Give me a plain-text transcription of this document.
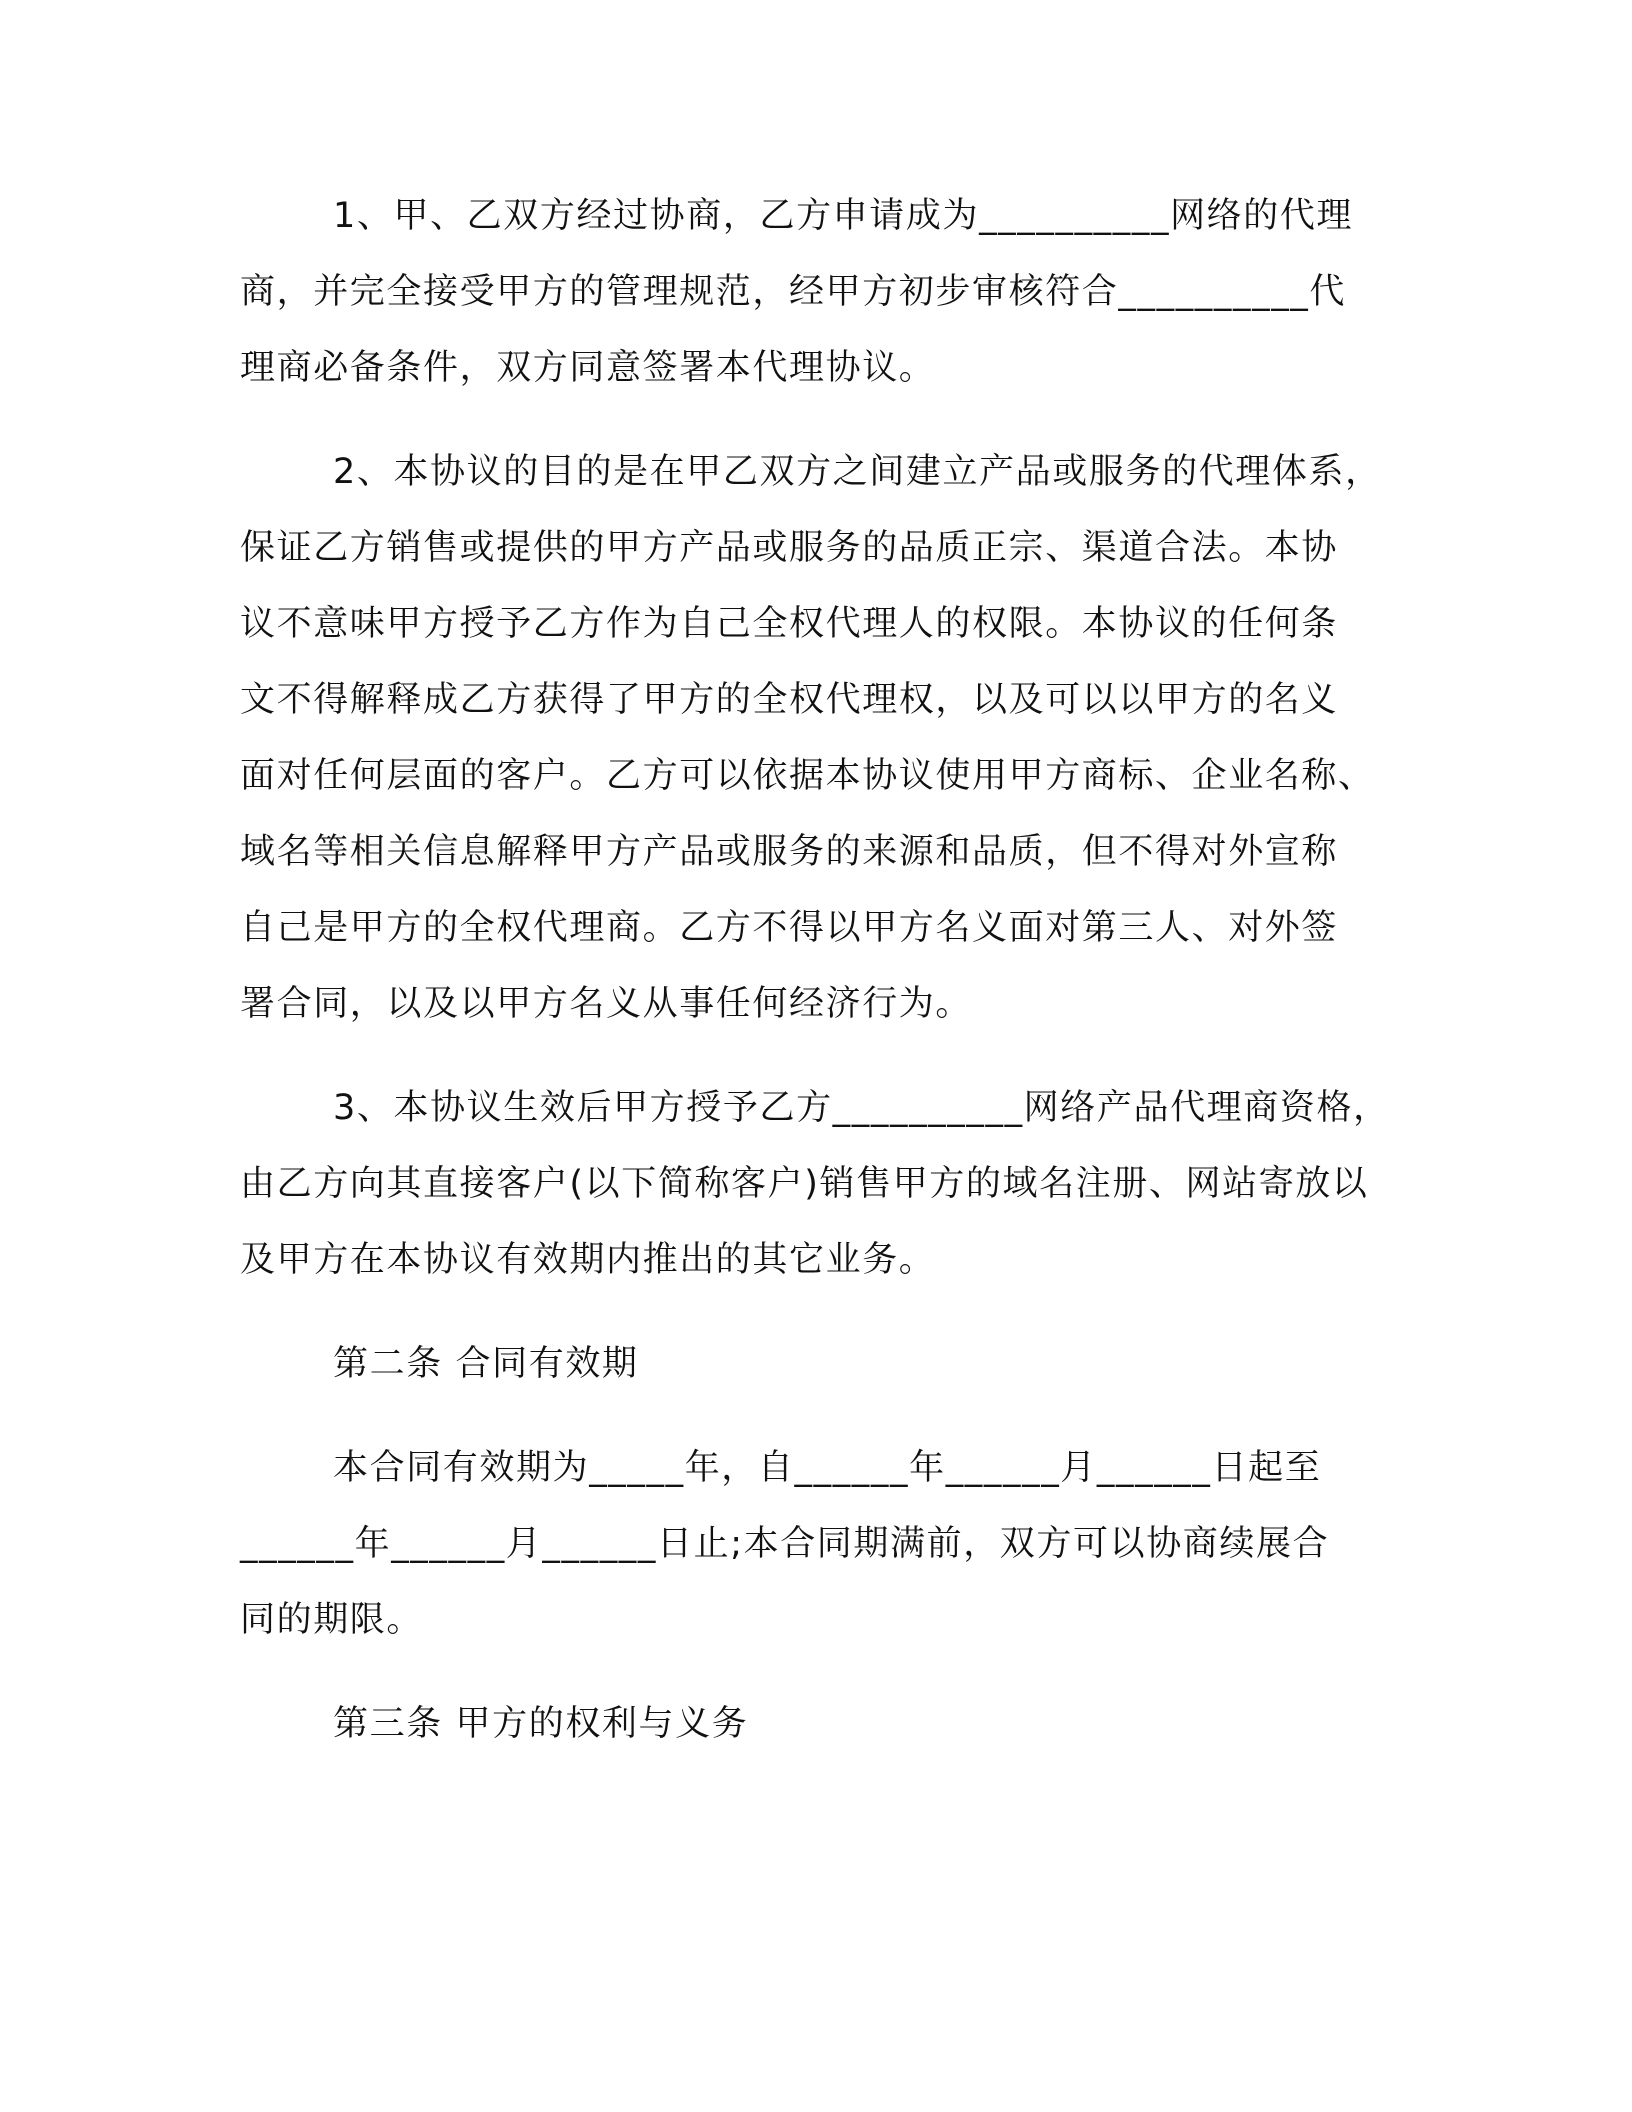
1、甲、乙双方经过协商，乙方申请成为__________网络的代理
商，并完全接受甲方的管理规范，经甲方初步审核符合__________代
理商必备条件，双方同意签署本代理协议。
2、本协议的目的是在甲乙双方之间建立产品或服务的代理体系，
保证乙方销售或提供的甲方产品或服务的品质正宗、渠道合法。本协
议不意味甲方授予乙方作为自己全权代理人的权限。本协议的任何条
文不得解释成乙方获得了甲方的全权代理权，以及可以以甲方的名义
面对任何层面的客户。乙方可以依据本协议使用甲方商标、企业名称、
域名等相关信息解释甲方产品或服务的来源和品质，但不得对外宣称
自己是甲方的全权代理商。乙方不得以甲方名义面对第三人、对外签
署合同，以及以甲方名义从事任何经济行为。
3、本协议生效后甲方授予乙方__________网络产品代理商资格，
由乙方向其直接客户(以下简称客户)销售甲方的域名注册、网站寄放以
及甲方在本协议有效期内推出的其它业务。
第二条 合同有效期
本合同有效期为_____年，自______年______月______日起至
______年______月______日止;本合同期满前，双方可以协商续展合
同的期限。
第三条 甲方的权利与义务
